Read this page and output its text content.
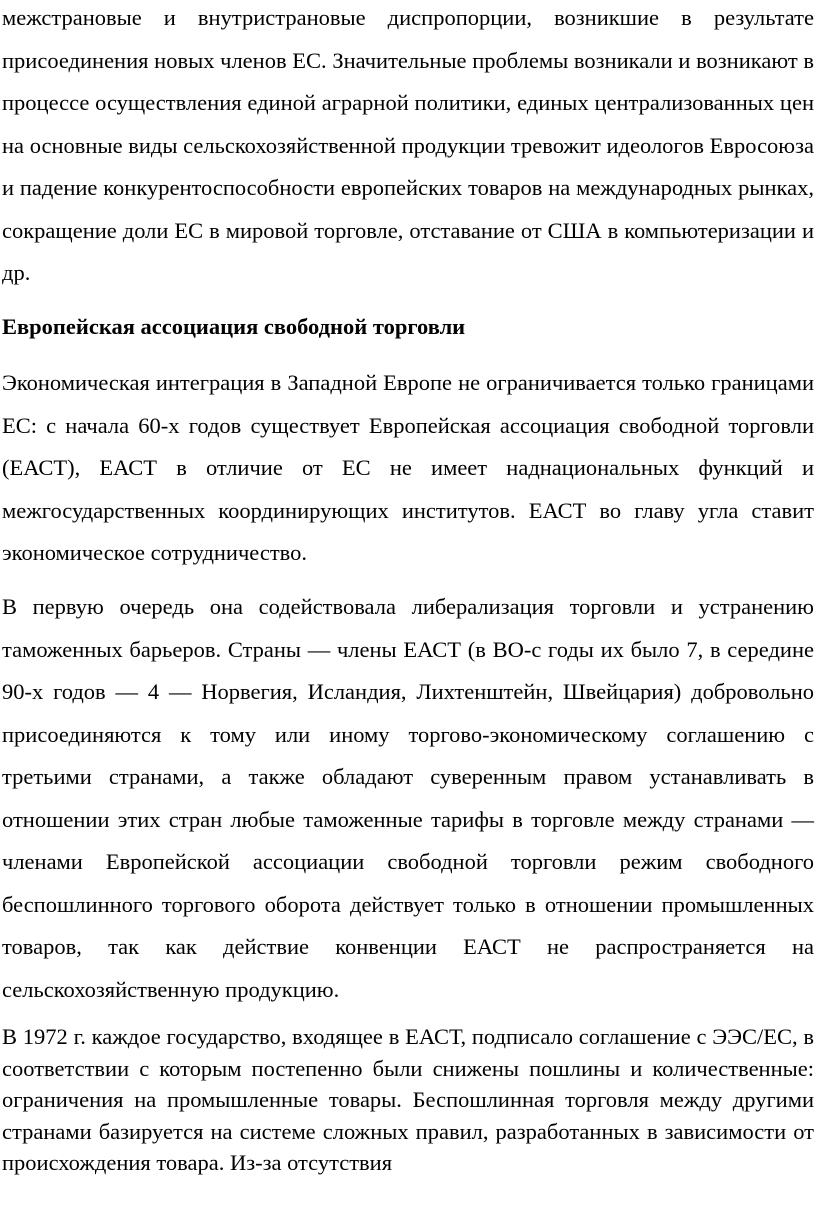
межстрановые и внутристрановые диспропорции, возникшие в результате присоединения новых членов ЕС. Значительные проблемы возникали и возникают в процессе осуществления единой аграрной политики, единых централизованных цен на основные виды сельскохозяйственной продукции тревожит идеологов Евросоюза и падение конкурентоспособности европейских товаров на международных рынках, сокращение доли ЕС в мировой торговле, отставание от США в компьютеризации и др.

Европейская ассоциация свободной торговли

Экономическая интеграция в Западной Европе не ограничивается только границами ЕС: с начала 60-х годов существует Европейская ассоциация свободной торговли (ЕАСТ), ЕАСТ в отличие от ЕС не имеет наднациональных функций и межгосударственных координирующих институтов. ЕАСТ во главу угла ставит экономическое сотрудничество.

В первую очередь она содействовала либерализация торговли и устранению таможенных барьеров. Страны — члены ЕАСТ (в ВО-с годы их было 7, в середине 90-х годов — 4 — Норвегия, Исландия, Лихтенштейн, Швейцария) добровольно присоединяются к тому или иному торгово-экономическому соглашению с третьими странами, а также обладают суверенным правом устанавливать в отношении этих стран любые таможенные тарифы в торговле между странами — членами Европейской ассоциации свободной торговли режим свободного беспошлинного торгового оборота действует только в отношении промышленных товаров, так как действие конвенции ЕАСТ не распространяется на сельскохозяйственную продукцию.

В 1972 г. каждое государство, входящее в ЕАСТ, подписало соглашение с ЭЭС/ЕС, в соответствии с которым постепенно были снижены пошлины и количественные: ограничения на промышленные товары. Беспошлинная торговля между другими странами базируется на системе сложных правил, разработанных в зависимости от происхождения товара. Из-за отсутствия
